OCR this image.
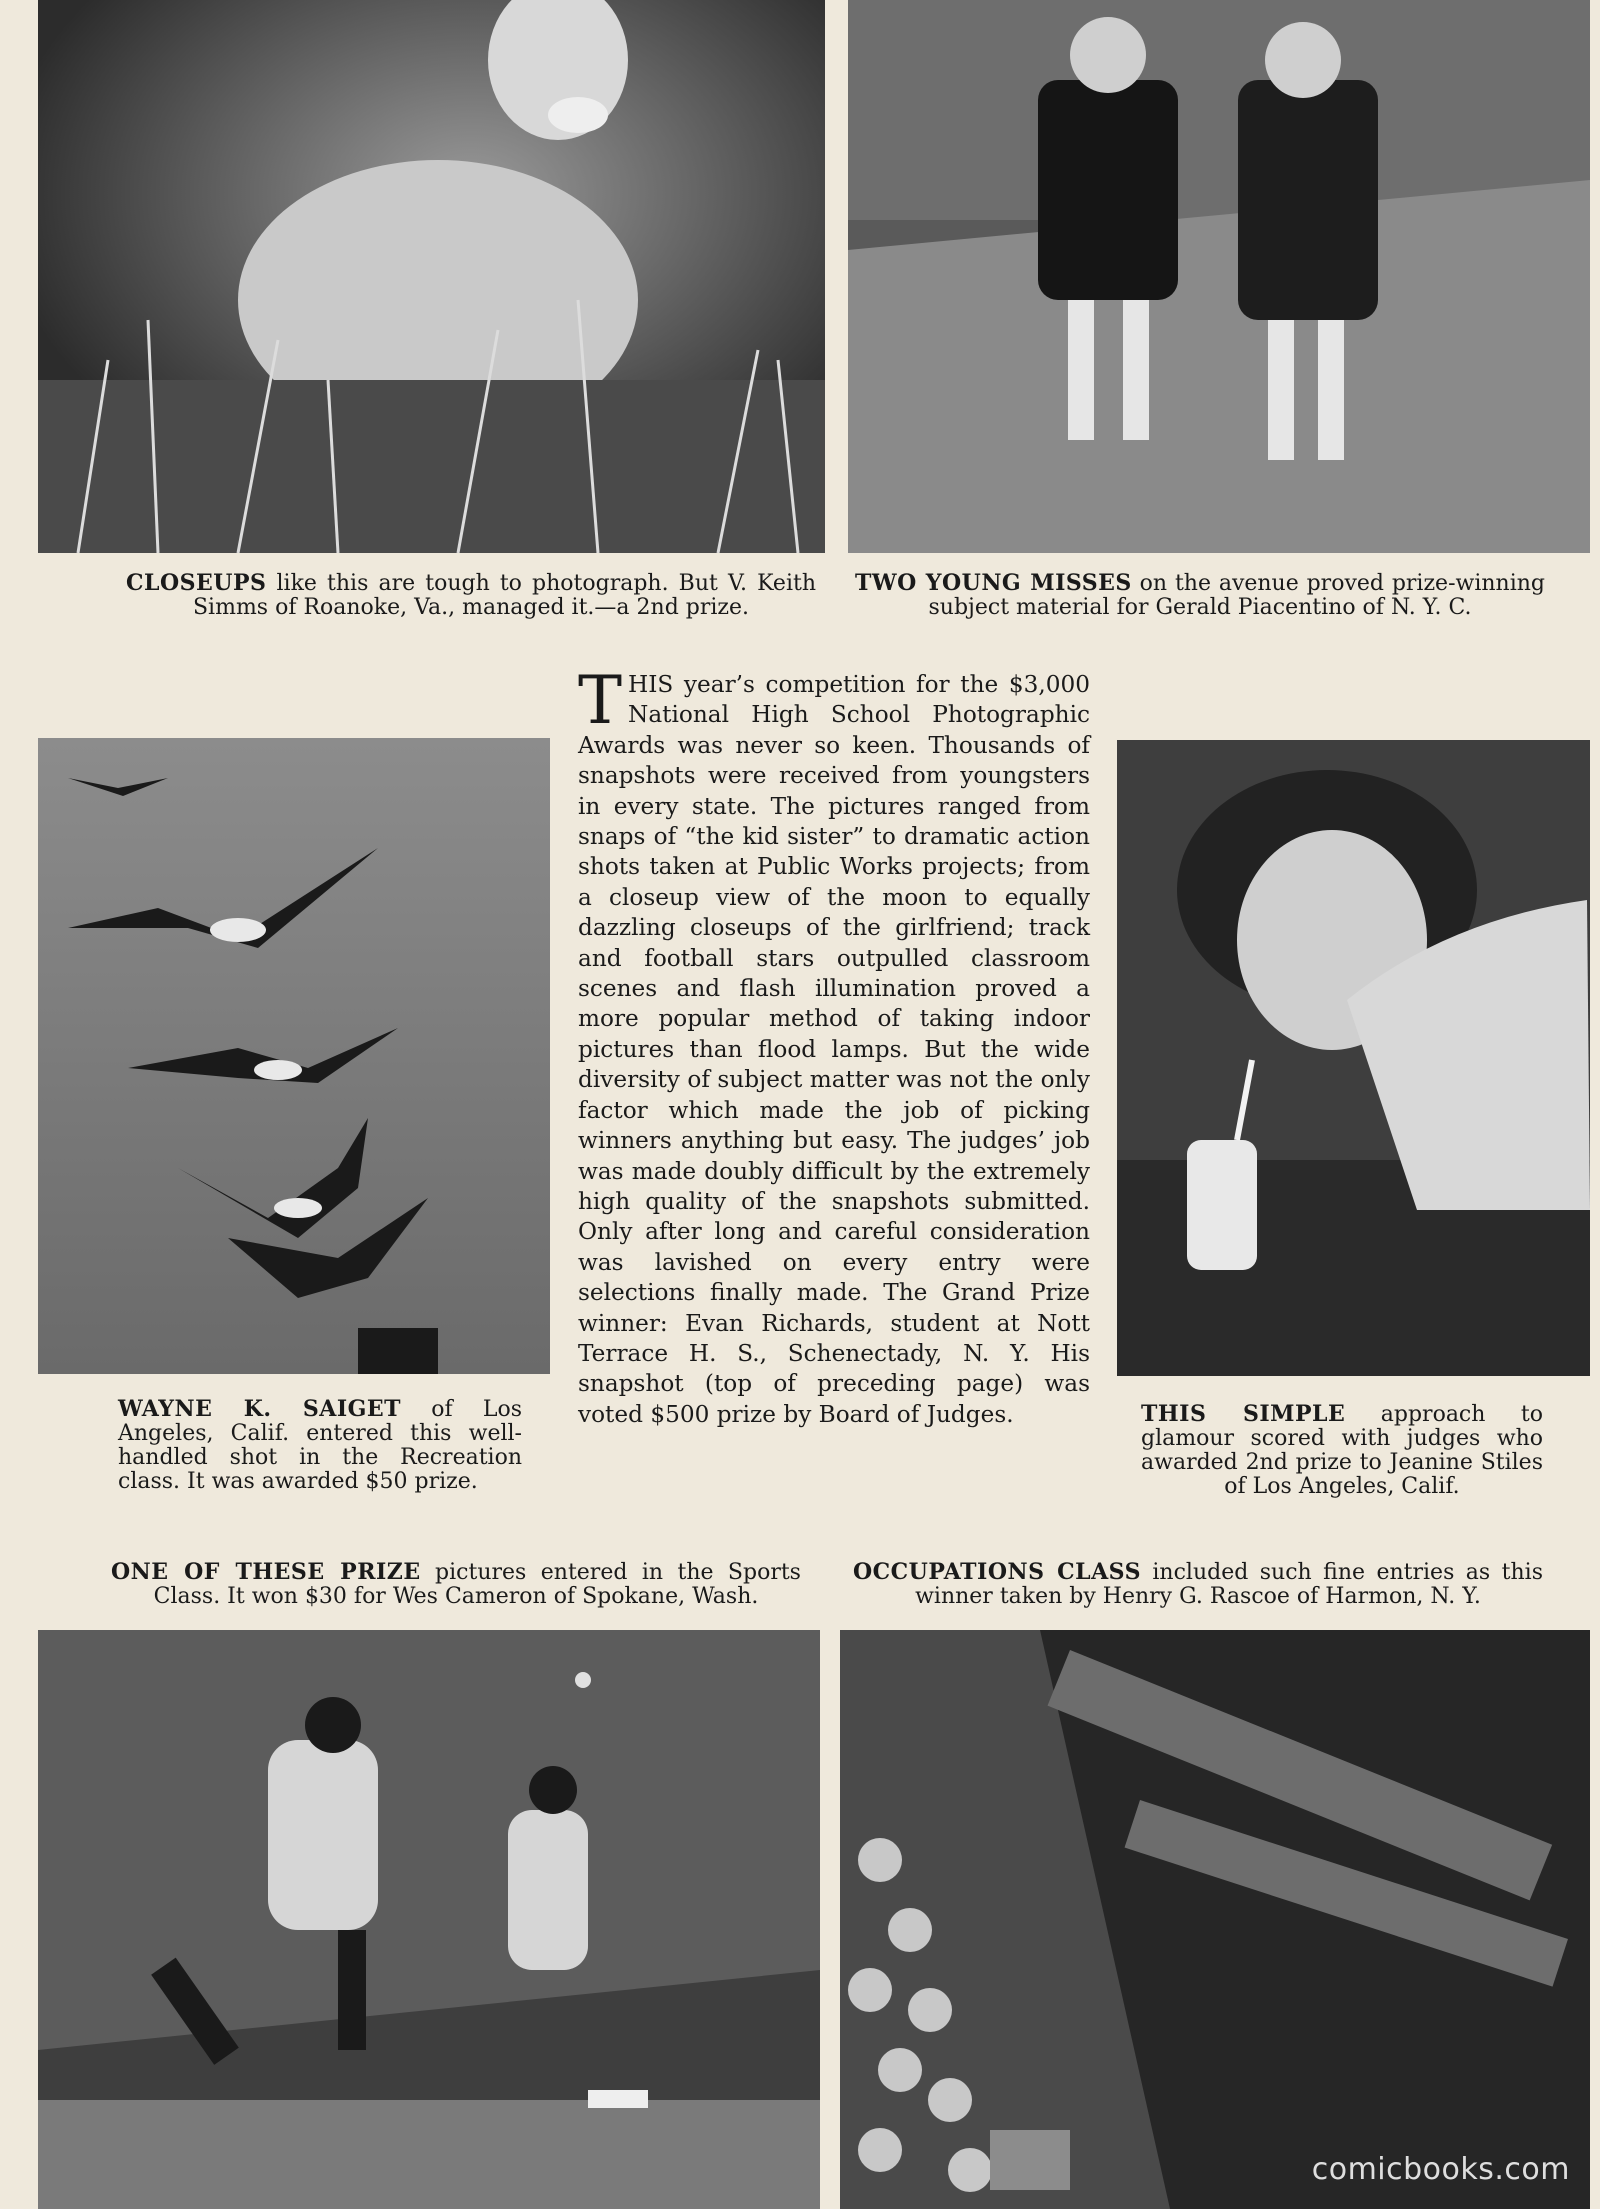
CLOSEUPS like this are tough to photograph. But V. Keith Simms of Roanoke, Va., managed it.—a 2nd prize.
TWO YOUNG MISSES on the avenue proved prize-winning subject material for Gerald Piacentino of N. Y. C.
WAYNE K. SAIGET of Los Angeles, Calif. entered this well-handled shot in the Recreation class. It was awarded $50 prize.
THIS year’s competition for the $3,000 National High School Photographic Awards was never so keen. Thousands of snapshots were received from youngsters in every state. The pictures ranged from snaps of “the kid sister” to dramatic action shots taken at Public Works projects; from a closeup view of the moon to equally dazzling closeups of the girlfriend; track and football stars outpulled classroom scenes and flash illumination proved a more popular method of taking indoor pictures than flood lamps. But the wide diversity of subject matter was not the only factor which made the job of picking winners anything but easy. The judges’ job was made doubly difficult by the extremely high quality of the snapshots submitted. Only after long and careful consideration was lavished on every entry were selections finally made. The Grand Prize winner: Evan Richards, student at Nott Terrace H. S., Schenectady, N. Y. His snapshot (top of preceding page) was voted $500 prize by Board of Judges.	THIS SIMPLE approach to glamour scored with judges who awarded 2nd prize to Jeanine Stiles of Los Angeles, Calif.
ONE OF THESE PRIZE pictures entered in the Sports Class. It won $30 for Wes Cameron of Spokane, Wash.
OCCUPATIONS CLASS included such fine entries as this winner taken by Henry G. Rascoe of Harmon, N. Y.
comicbooks.com
